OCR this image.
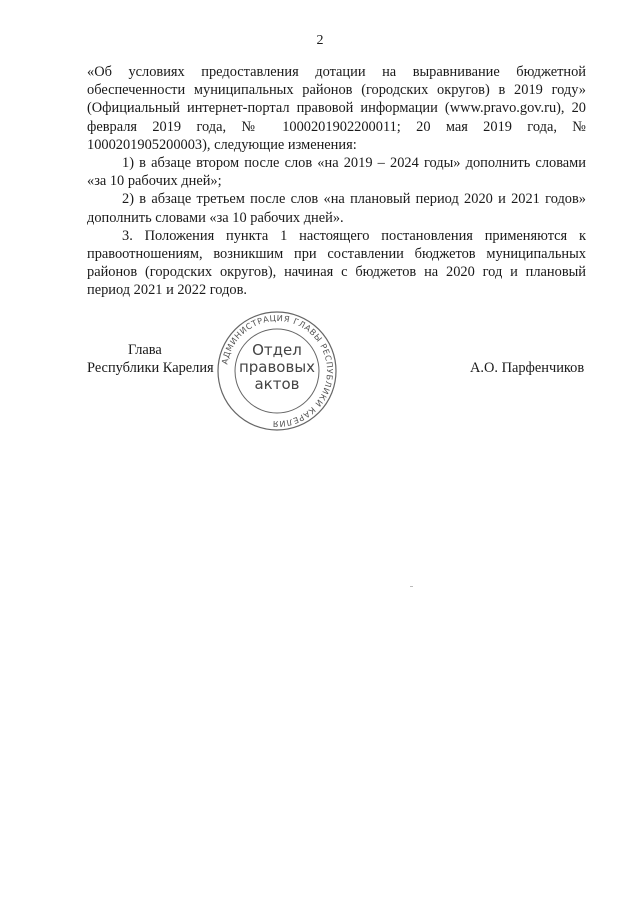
2

«Об условиях предоставления дотации на выравнивание бюджетной обеспеченности муниципальных районов (городских округов) в 2019 году» (Официальный интернет-портал правовой информации (www.pravo.gov.ru), 20 февраля 2019 года, № 1000201902200011; 20 мая 2019 года, № 1000201905200003), следующие изменения:

1) в абзаце втором после слов «на 2019 – 2024 годы» дополнить словами «за 10 рабочих дней»;

2) в абзаце третьем после слов «на плановый период 2020 и 2021 годов» дополнить словами «за 10 рабочих дней».

3. Положения пункта 1 настоящего постановления применяются к правоотношениям, возникшим при составлении бюджетов муниципальных районов (городских округов), начиная с бюджетов на 2020 год и плановый период 2021 и 2022 годов.

Глава
Республики Карелия	А.О. Парфенчиков
АДМИНИСТРАЦИЯ ГЛАВЫ РЕСПУБЛИКИ КАРЕЛИЯ
Отдел
правовых
актов
